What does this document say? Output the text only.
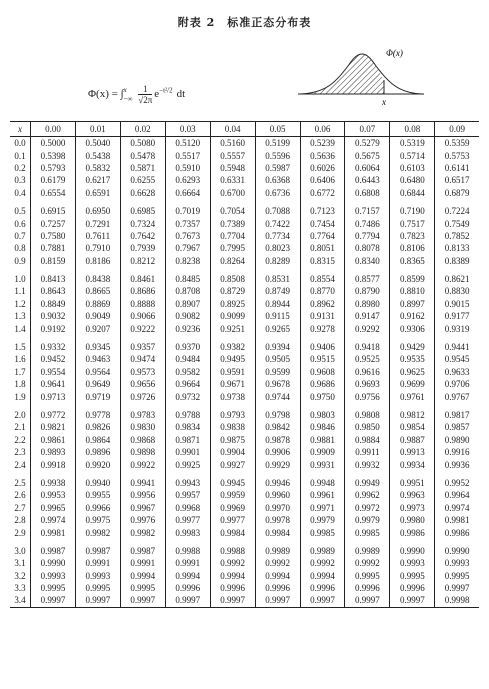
附表 2　标准正态分布表
Φ(x) = ∫ x
−∞
$\frac{1}{√2\pi} e^{-t^2/2}$ dt
Φ(x)
x
x	0.00	0.01	0.02	0.03	0.04	0.05	0.06	0.07	0.08	0.09
0.0	0.5000	0.5040	0.5080	0.5120	0.5160	0.5199	0.5239	0.5279	0.5319	0.5359
0.1	0.5398	0.5438	0.5478	0.5517	0.5557	0.5596	0.5636	0.5675	0.5714	0.5753
0.2	0.5793	0.5832	0.5871	0.5910	0.5948	0.5987	0.6026	0.6064	0.6103	0.6141
0.3	0.6179	0.6217	0.6255	0.6293	0.6331	0.6368	0.6406	0.6443	0.6480	0.6517
0.4	0.6554	0.6591	0.6628	0.6664	0.6700	0.6736	0.6772	0.6808	0.6844	0.6879
0.5	0.6915	0.6950	0.6985	0.7019	0.7054	0.7088	0.7123	0.7157	0.7190	0.7224
0.6	0.7257	0.7291	0.7324	0.7357	0.7389	0.7422	0.7454	0.7486	0.7517	0.7549
0.7	0.7580	0.7611	0.7642	0.7673	0.7704	0.7734	0.7764	0.7794	0.7823	0.7852
0.8	0.7881	0.7910	0.7939	0.7967	0.7995	0.8023	0.8051	0.8078	0.8106	0.8133
0.9	0.8159	0.8186	0.8212	0.8238	0.8264	0.8289	0.8315	0.8340	0.8365	0.8389
1.0	0.8413	0.8438	0.8461	0.8485	0.8508	0.8531	0.8554	0.8577	0.8599	0.8621
1.1	0.8643	0.8665	0.8686	0.8708	0.8729	0.8749	0.8770	0.8790	0.8810	0.8830
1.2	0.8849	0.8869	0.8888	0.8907	0.8925	0.8944	0.8962	0.8980	0.8997	0.9015
1.3	0.9032	0.9049	0.9066	0.9082	0.9099	0.9115	0.9131	0.9147	0.9162	0.9177
1.4	0.9192	0.9207	0.9222	0.9236	0.9251	0.9265	0.9278	0.9292	0.9306	0.9319
1.5	0.9332	0.9345	0.9357	0.9370	0.9382	0.9394	0.9406	0.9418	0.9429	0.9441
1.6	0.9452	0.9463	0.9474	0.9484	0.9495	0.9505	0.9515	0.9525	0.9535	0.9545
1.7	0.9554	0.9564	0.9573	0.9582	0.9591	0.9599	0.9608	0.9616	0.9625	0.9633
1.8	0.9641	0.9649	0.9656	0.9664	0.9671	0.9678	0.9686	0.9693	0.9699	0.9706
1.9	0.9713	0.9719	0.9726	0.9732	0.9738	0.9744	0.9750	0.9756	0.9761	0.9767
2.0	0.9772	0.9778	0.9783	0.9788	0.9793	0.9798	0.9803	0.9808	0.9812	0.9817
2.1	0.9821	0.9826	0.9830	0.9834	0.9838	0.9842	0.9846	0.9850	0.9854	0.9857
2.2	0.9861	0.9864	0.9868	0.9871	0.9875	0.9878	0.9881	0.9884	0.9887	0.9890
2.3	0.9893	0.9896	0.9898	0.9901	0.9904	0.9906	0.9909	0.9911	0.9913	0.9916
2.4	0.9918	0.9920	0.9922	0.9925	0.9927	0.9929	0.9931	0.9932	0.9934	0.9936
2.5	0.9938	0.9940	0.9941	0.9943	0.9945	0.9946	0.9948	0.9949	0.9951	0.9952
2.6	0.9953	0.9955	0.9956	0.9957	0.9959	0.9960	0.9961	0.9962	0.9963	0.9964
2.7	0.9965	0.9966	0.9967	0.9968	0.9969	0.9970	0.9971	0.9972	0.9973	0.9974
2.8	0.9974	0.9975	0.9976	0.9977	0.9977	0.9978	0.9979	0.9979	0.9980	0.9981
2.9	0.9981	0.9982	0.9982	0.9983	0.9984	0.9984	0.9985	0.9985	0.9986	0.9986
3.0	0.9987	0.9987	0.9987	0.9988	0.9988	0.9989	0.9989	0.9989	0.9990	0.9990
3.1	0.9990	0.9991	0.9991	0.9991	0.9992	0.9992	0.9992	0.9992	0.9993	0.9993
3.2	0.9993	0.9993	0.9994	0.9994	0.9994	0.9994	0.9994	0.9995	0.9995	0.9995
3.3	0.9995	0.9995	0.9995	0.9996	0.9996	0.9996	0.9996	0.9996	0.9996	0.9997
3.4	0.9997	0.9997	0.9997	0.9997	0.9997	0.9997	0.9997	0.9997	0.9997	0.9998
